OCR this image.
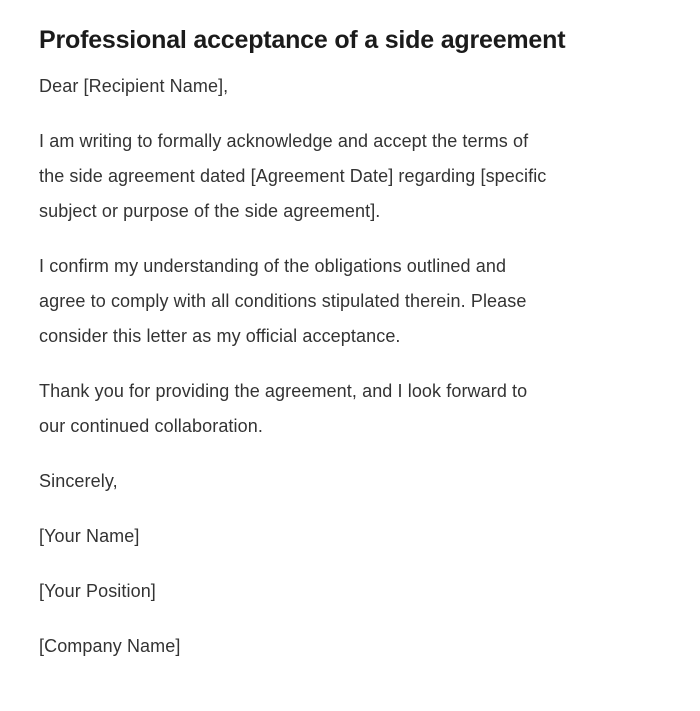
Professional acceptance of a side agreement

Dear [Recipient Name],

I am writing to formally acknowledge and accept the terms of
the side agreement dated [Agreement Date] regarding [specific
subject or purpose of the side agreement].

I confirm my understanding of the obligations outlined and
agree to comply with all conditions stipulated therein. Please
consider this letter as my official acceptance.

Thank you for providing the agreement, and I look forward to
our continued collaboration.

Sincerely,

[Your Name]

[Your Position]

[Company Name]
